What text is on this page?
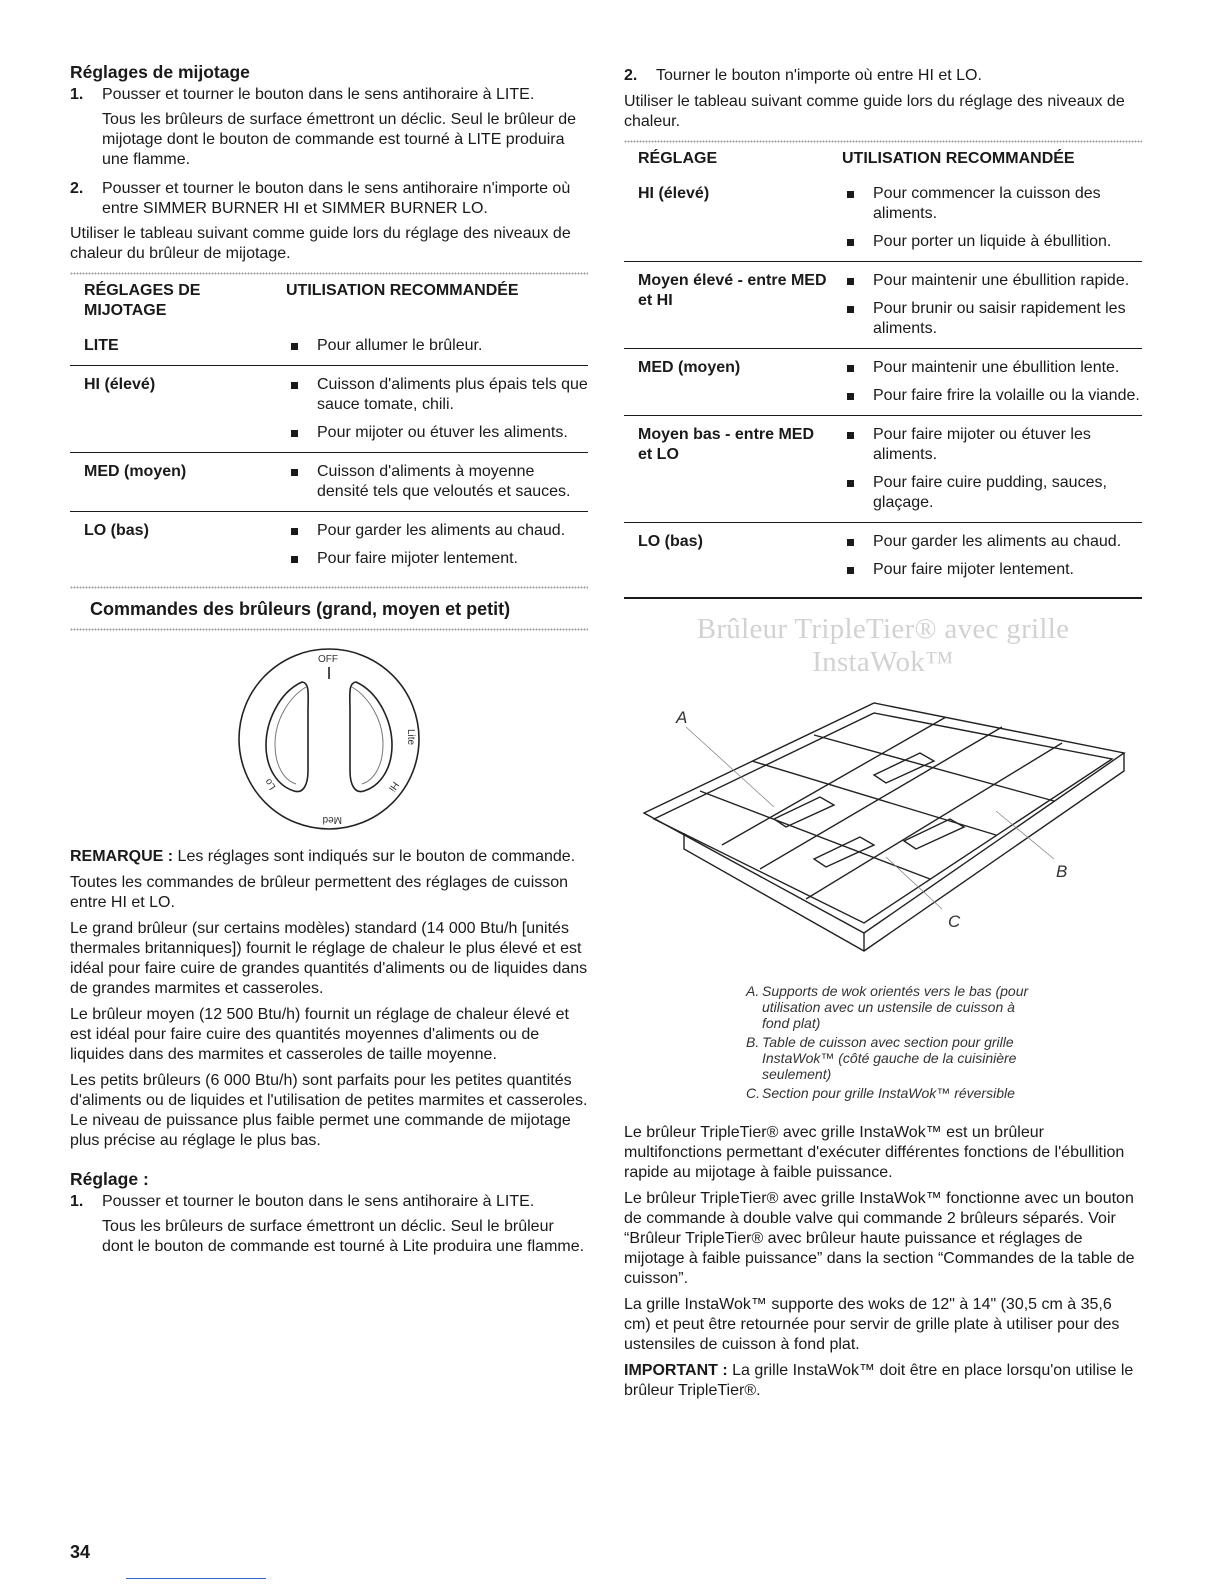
Réglages de mijotage
1.	Pousser et tourner le bouton dans le sens antihoraire à LITE.

Tous les brûleurs de surface émettront un déclic. Seul le brûleur de mijotage dont le bouton de commande est tourné à LITE produira une flamme.

2.	Pousser et tourner le bouton dans le sens antihoraire n'importe où entre SIMMER BURNER HI et SIMMER BURNER LO.

Utiliser le tableau suivant comme guide lors du réglage des niveaux de chaleur du brûleur de mijotage.

RÉGLAGES DE MIJOTAGE	UTILISATION RECOMMANDÉE
LITE	Pour allumer le brûleur.

HI (élevé)	Cuisson d'aliments plus épais tels que sauce tomate, chili.
Pour mijoter ou étuver les aliments.

MED (moyen)	Cuisson d'aliments à moyenne densité tels que veloutés et sauces.

LO (bas)	Pour garder les aliments au chaud.
Pour faire mijoter lentement.
Commandes des brûleurs (grand, moyen et petit)
OFF
Lite
Hi
Med
Lo

REMARQUE : Les réglages sont indiqués sur le bouton de commande.

Toutes les commandes de brûleur permettent des réglages de cuisson entre HI et LO.

Le grand brûleur (sur certains modèles) standard (14 000 Btu/h [unités thermales britanniques]) fournit le réglage de chaleur le plus élevé et est idéal pour faire cuire de grandes quantités d'aliments ou de liquides dans de grandes marmites et casseroles.

Le brûleur moyen (12 500 Btu/h) fournit un réglage de chaleur élevé et est idéal pour faire cuire des quantités moyennes d'aliments ou de liquides dans des marmites et casseroles de taille moyenne.

Les petits brûleurs (6 000 Btu/h) sont parfaits pour les petites quantités d'aliments ou de liquides et l'utilisation de petites marmites et casseroles. Le niveau de puissance plus faible permet une commande de mijotage plus précise au réglage le plus bas.

Réglage :
1.	Pousser et tourner le bouton dans le sens antihoraire à LITE.

Tous les brûleurs de surface émettront un déclic. Seul le brûleur dont le bouton de commande est tourné à Lite produira une flamme.

2.	Tourner le bouton n'importe où entre HI et LO.

Utiliser le tableau suivant comme guide lors du réglage des niveaux de chaleur.

RÉGLAGE	UTILISATION RECOMMANDÉE
HI (élevé)	Pour commencer la cuisson des aliments.
Pour porter un liquide à ébullition.

Moyen élevé - entre MED et HI	Pour maintenir une ébullition rapide.
Pour brunir ou saisir rapidement les aliments.

MED (moyen)	Pour maintenir une ébullition lente.
Pour faire frire la volaille ou la viande.

Moyen bas - entre MED et LO	Pour faire mijoter ou étuver les aliments.
Pour faire cuire pudding, sauces, glaçage.

LO (bas)	Pour garder les aliments au chaud.
Pour faire mijoter lentement.
Brûleur TripleTier® avec grille InstaWok™
A
B
C
A. Supports de wok orientés vers le bas (pour utilisation avec un ustensile de cuisson à fond plat)
B. Table de cuisson avec section pour grille InstaWok™ (côté gauche de la cuisinière seulement)
C. Section pour grille InstaWok™ réversible

Le brûleur TripleTier® avec grille InstaWok™ est un brûleur multifonctions permettant d'exécuter différentes fonctions de l'ébullition rapide au mijotage à faible puissance.

Le brûleur TripleTier® avec grille InstaWok™ fonctionne avec un bouton de commande à double valve qui commande 2 brûleurs séparés. Voir “Brûleur TripleTier® avec brûleur haute puissance et réglages de mijotage à faible puissance” dans la section “Commandes de la table de cuisson”.

La grille InstaWok™ supporte des woks de 12" à 14" (30,5 cm à 35,6 cm) et peut être retournée pour servir de grille plate à utiliser pour des ustensiles de cuisson à fond plat.

IMPORTANT : La grille InstaWok™ doit être en place lorsqu'on utilise le brûleur TripleTier®.

34
